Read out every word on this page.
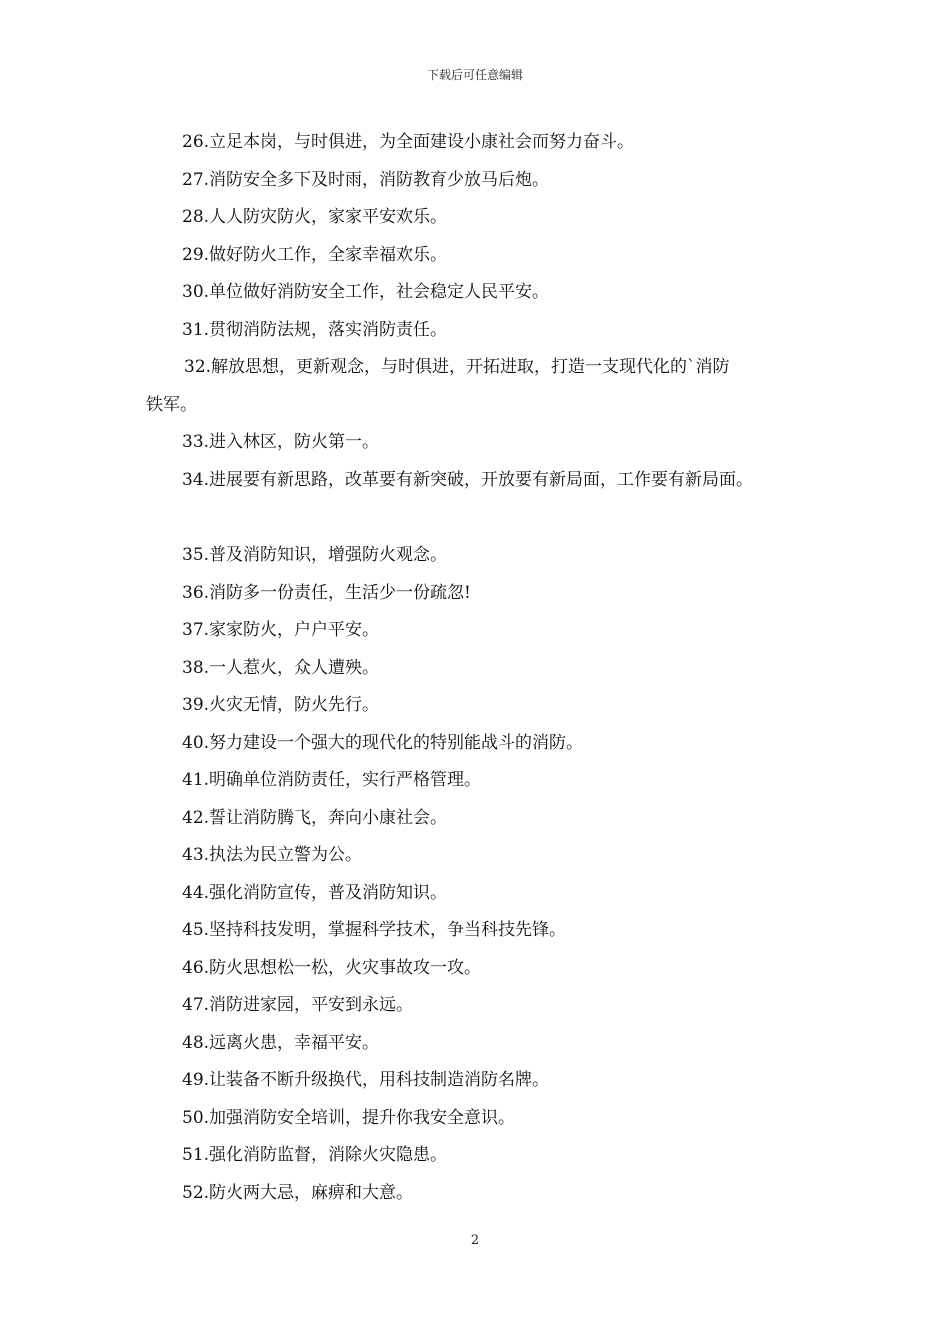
下载后可任意编辑
26.立足本岗，与时俱进，为全面建设小康社会而努力奋斗。
27.消防安全多下及时雨，消防教育少放马后炮。
28.人人防灾防火，家家平安欢乐。
29.做好防火工作，全家幸福欢乐。
30.单位做好消防安全工作，社会稳定人民平安。
31.贯彻消防法规，落实消防责任。
32.解放思想，更新观念，与时俱进，开拓进取，打造一支现代化的`消防
铁军。
33.进入林区，防火第一。
34.进展要有新思路，改革要有新突破，开放要有新局面，工作要有新局面。
35.普及消防知识，增强防火观念。
36.消防多一份责任，生活少一份疏忽!
37.家家防火，户户平安。
38.一人惹火，众人遭殃。
39.火灾无情，防火先行。
40.努力建设一个强大的现代化的特别能战斗的消防。
41.明确单位消防责任，实行严格管理。
42.誓让消防腾飞，奔向小康社会。
43.执法为民立警为公。
44.强化消防宣传，普及消防知识。
45.坚持科技发明，掌握科学技术，争当科技先锋。
46.防火思想松一松，火灾事故攻一攻。
47.消防进家园，平安到永远。
48.远离火患，幸福平安。
49.让装备不断升级换代，用科技制造消防名牌。
50.加强消防安全培训，提升你我安全意识。
51.强化消防监督，消除火灾隐患。
52.防火两大忌，麻痹和大意。
2
